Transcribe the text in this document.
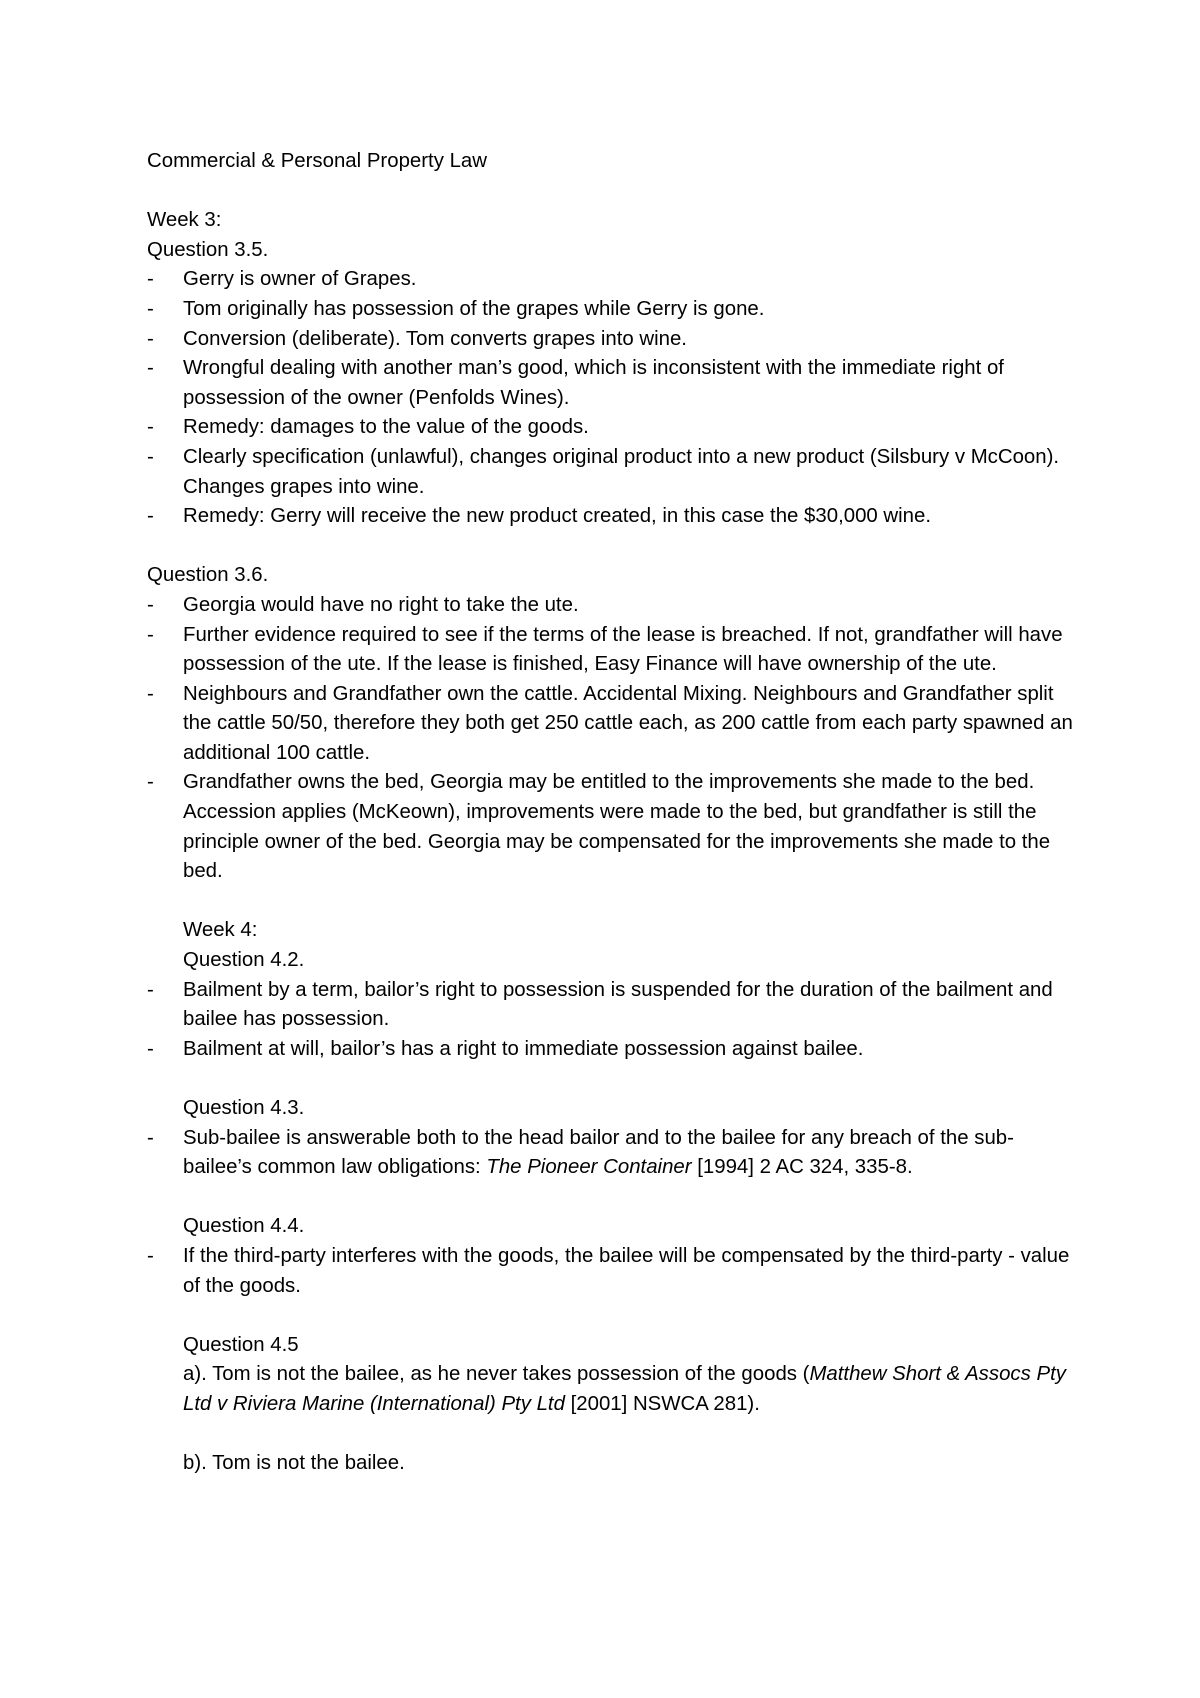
Commercial & Personal Property Law

Week 3:

Question 3.5.

- Gerry is owner of Grapes.
- Tom originally has possession of the grapes while Gerry is gone.
- Conversion (deliberate). Tom converts grapes into wine.
- Wrongful dealing with another man’s good, which is inconsistent with the immediate right of possession of the owner (Penfolds Wines).
- Remedy: damages to the value of the goods.
- Clearly specification (unlawful), changes original product into a new product (Silsbury v McCoon). Changes grapes into wine.
- Remedy: Gerry will receive the new product created, in this case the $30,000 wine.

Question 3.6.

- Georgia would have no right to take the ute.
- Further evidence required to see if the terms of the lease is breached. If not, grandfather will have possession of the ute. If the lease is finished, Easy Finance will have ownership of the ute.
- Neighbours and Grandfather own the cattle. Accidental Mixing. Neighbours and Grandfather split the cattle 50/50, therefore they both get 250 cattle each, as 200 cattle from each party spawned an additional 100 cattle.
- Grandfather owns the bed, Georgia may be entitled to the improvements she made to the bed. Accession applies (McKeown), improvements were made to the bed, but grandfather is still the principle owner of the bed. Georgia may be compensated for the improvements she made to the bed.

Week 4:

Question 4.2.

- Bailment by a term, bailor’s right to possession is suspended for the duration of the bailment and bailee has possession.
- Bailment at will, bailor’s has a right to immediate possession against bailee.

Question 4.3.

- Sub-bailee is answerable both to the head bailor and to the bailee for any breach of the sub-bailee’s common law obligations: The Pioneer Container [1994] 2 AC 324, 335-8.

Question 4.4.

- If the third-party interferes with the goods, the bailee will be compensated by the third-party - value of the goods.

Question 4.5

a). Tom is not the bailee, as he never takes possession of the goods (Matthew Short & Assocs Pty Ltd v Riviera Marine (International) Pty Ltd [2001] NSWCA 281).

b). Tom is not the bailee.
